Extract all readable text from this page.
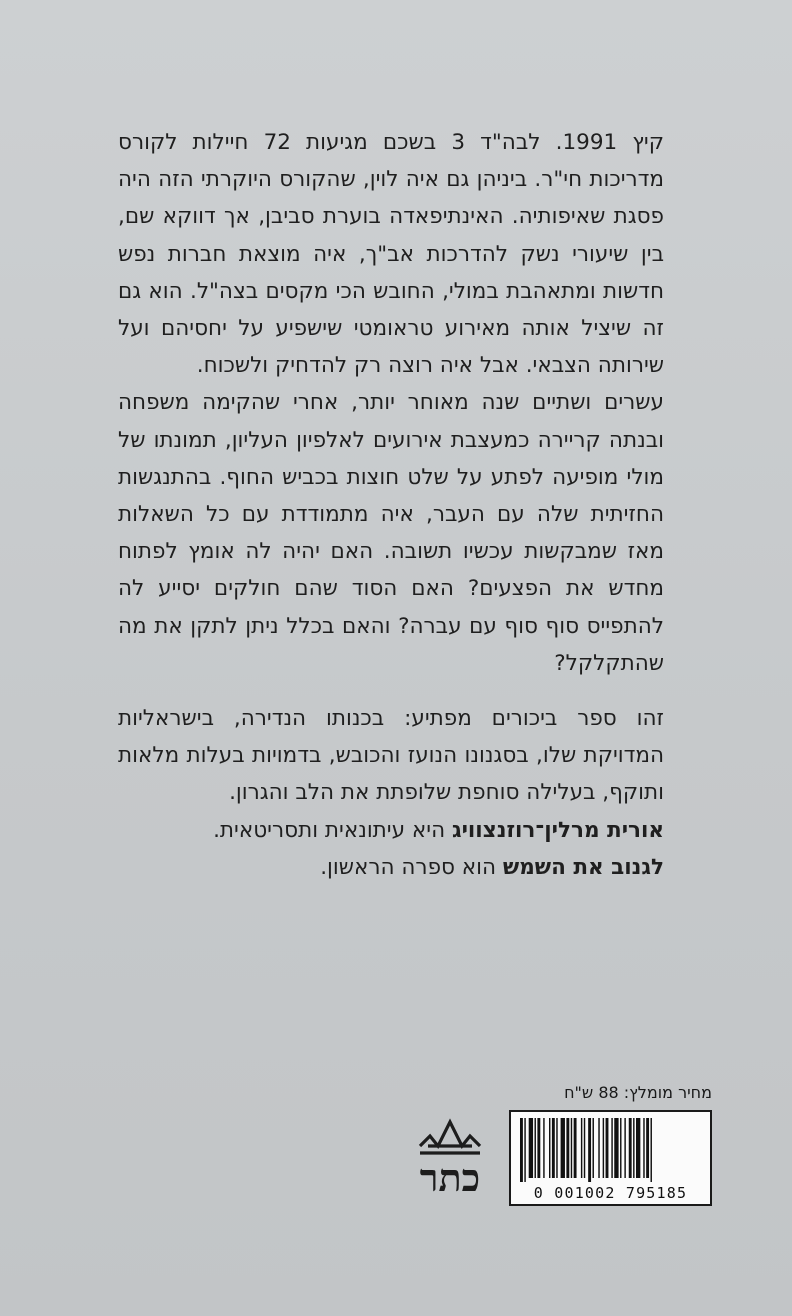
קיץ 1991. לבה"ד 3 בשכם מגיעות 72 חיילות לקורס מדריכות חי"ר. ביניהן גם איה לוין, שהקורס היוקרתי הזה היה פסגת שאיפותיה. האינתיפאדה בוערת סביבן, אך דווקא שם, בין שיעורי נשק להדרכות אב"ך, איה מוצאת חברות נפש חדשות ומתאהבת במולי, החובש הכי מקסים בצה"ל. הוא גם זה שיציל אותה מאירוע טראומטי שישפיע על יחסיהם ועל שירותה הצבאי. אבל איה רוצה רק להדחיק ולשכוח.

עשרים ושתיים שנה מאוחר יותר, אחרי שהקימה משפחה ובנתה קריירה כמעצבת אירועים לאלפיון העליון, תמונתו של מולי מופיעה לפתע על שלט חוצות בכביש החוף. בהתנגשות החזיתית שלה עם העבר, איה מתמודדת עם כל השאלות מאז שמבקשות עכשיו תשובה. האם יהיה לה אומץ לפתוח מחדש את הפצעים? האם הסוד שהם חולקים יסייע לה להתפייס סוף סוף עם עברה? והאם בכלל ניתן לתקן את מה שהתקלקל?

זהו ספר ביכורים מפתיע: בכנותו הנדירה, בישראליות המדויקת שלו, בסגנונו הנועז והכובש, בדמויות בעלות מלאות ותוקף, בעלילה סוחפת שלופתת את הלב והגרון.

אורית מרלין־רוזנצוויג היא עיתונאית ותסריטאית.

לגנוב את השמש הוא ספרה הראשון.

מחיר מומלץ: 88 ש"ח
0 001002 795185
כתר
